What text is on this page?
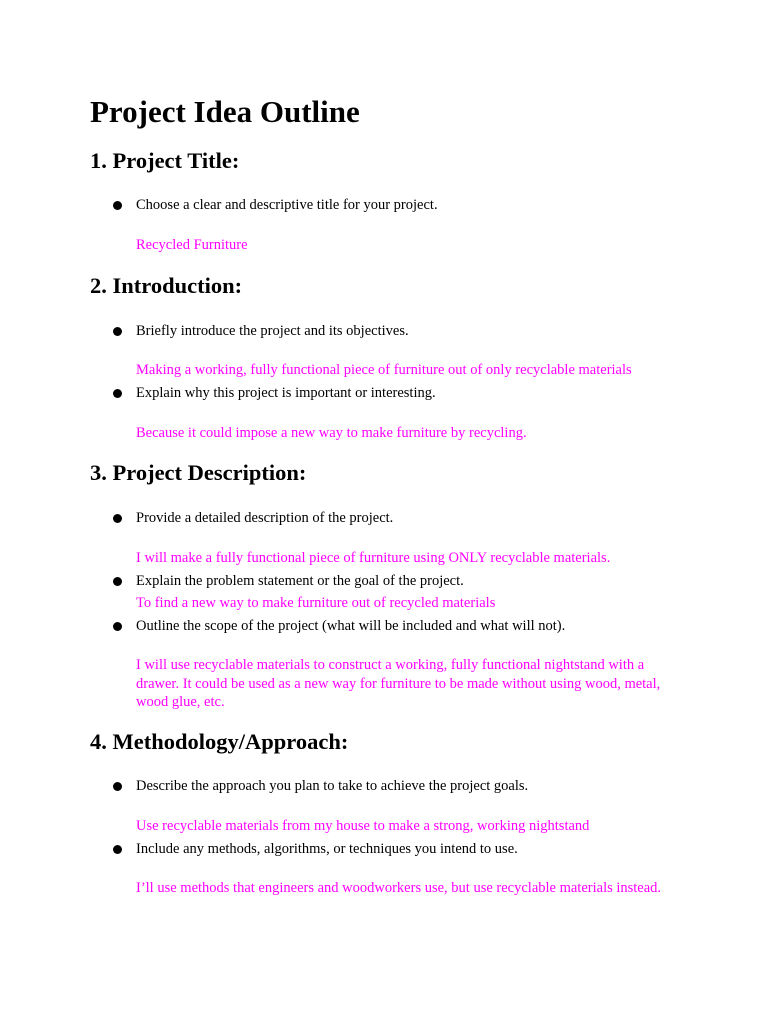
Project Idea Outline
1. Project Title:
Choose a clear and descriptive title for your project.
Recycled Furniture
2. Introduction:
Briefly introduce the project and its objectives.
Making a working, fully functional piece of furniture out of only recyclable materials
Explain why this project is important or interesting.
Because it could impose a new way to make furniture by recycling.
3. Project Description:
Provide a detailed description of the project.
I will make a fully functional piece of furniture using ONLY recyclable materials.
Explain the problem statement or the goal of the project.
To find a new way to make furniture out of recycled materials
Outline the scope of the project (what will be included and what will not).
I will use recyclable materials to construct a working, fully functional nightstand with a drawer. It could be used as a new way for furniture to be made without using wood, metal, wood glue, etc.
4. Methodology/Approach:
Describe the approach you plan to take to achieve the project goals.
Use recyclable materials from my house to make a strong, working nightstand
Include any methods, algorithms, or techniques you intend to use.
I’ll use methods that engineers and woodworkers use, but use recyclable materials instead.
